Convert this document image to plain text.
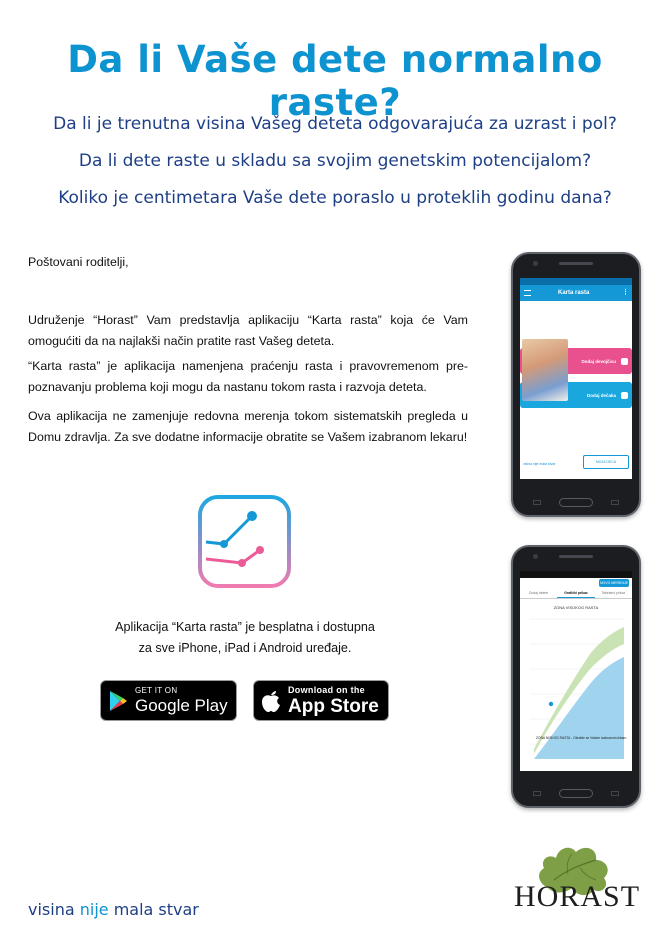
Da li Vaše dete normalno raste?
Da li je trenutna visina Vašeg deteta odgovarajuća za uzrast i pol?
Da li dete raste u skladu sa svojim genetskim potencijalom?
Koliko je centimetara Vaše dete poraslo u proteklih godinu dana?
Poštovani roditelji,
Udruženje “Horast” Vam predstavlja aplikaciju “Karta rasta” koja će Vam omogućiti da na najlakši način pratite rast Vašeg deteta.
“Karta rasta” je aplikacija namenjena praćenju rasta i pravovremenom pre-poznavanju problema koji mogu da nastanu tokom rasta i razvoja deteta.
Ova aplikacija ne zamenjuje redovna merenja tokom sistematskih pregleda u Domu zdravlja. Za sve dodatne informacije obratite se Vašem izabranom lekaru!
Aplikacija “Karta rasta” je besplatna i dostupna
za sve iPhone, iPad i Android uređaje.
GET IT ON
Google Play
Download on the
App Store
Karta rasta	⋮
Dodaj devojčicu
Dodaj dečaka
visina nije mala stvar	MOJA DECA
NOVO MERENJE
Dodaj detete	Grafički prikaz	Tabelarni prikaz
ZONA VISOKOG RASTA
ZONA NISKOG RASTA - Obratite se Vašem izabranom lekaru
visina nije mala stvar	HORAST
